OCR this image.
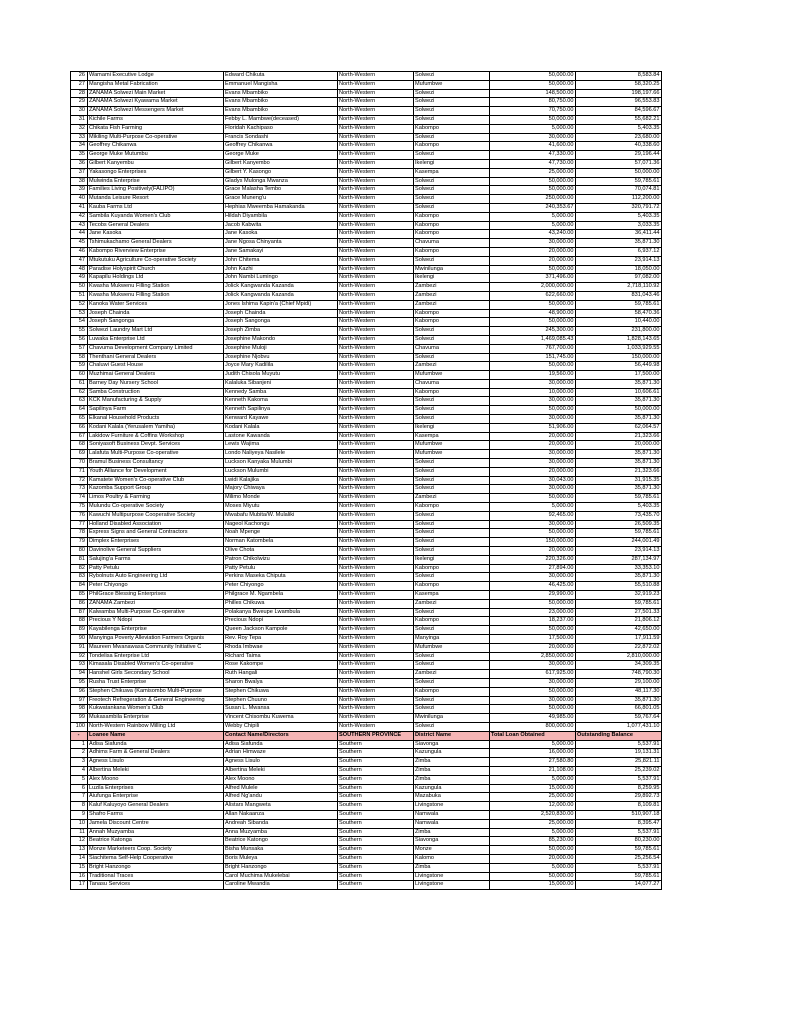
26	Wamami Executive Lodge	Edward Chikuta	North-Western	Solwezi	50,000.00	8,583.84
27	Mangisha Metal Fabrication	Emmanuel Mangisha	North-Western	Mufumbwe	50,000.00	58,320.25
28	ZANAMA Solwezi Main Market	Evans Mbambiko	North-Western	Solwezi	148,500.00	198,197.66
29	ZANAMA Solwezi Kyawama Market	Evans Mbambiko	North-Western	Solwezi	80,750.00	96,553.83
30	ZANAMA Solwezi Messengers Market	Evans Mbambiko	North-Western	Solwezi	70,750.00	84,596.67
31	Kichile Farms	Febby L. Mambwe(deceased)	North-Western	Solwezi	50,000.00	55,682.21
32	Chikata Fish Farming	Floridah Kachipaso	North-Western	Kabompo	5,000.00	5,403.35
33	Mikiling Multi-Purpose Co-operative	Francis Sondashi	North-Western	Solwezi	30,000.00	23,680.00
34	Geoffrey Chikanwa	Geoffrey Chikanwa	North-Western	Kabompo	41,600.00	40,338.60
35	George Muke Mutumbu	George Muke	North-Western	Solwezi	47,330.00	29,196.44
36	Gilbert Kanyembu	Gilbert Kanyembo	North-Western	Ikelengi	47,730.00	57,071.36
37	Yakasongo Enterprises	Gilbert Y. Kasongo	North-Western	Kasempa	25,000.00	50,000.00
38	Mulwinda Enterprise	Gladys Mulonga Mwanza	North-Western	Solwezi	50,000.00	59,785.61
39	Families Living Positively(FALIPO)	Grace Malasha Tembo	North-Western	Solwezi	50,000.00	70,074.81
40	Mutanda Leisure Resort	Grace Muneng'u	North-Western	Solwezi	250,000.00	112,200.00
41	Kauba Farms Ltd	Hephias Mweemba Hamakanda	North-Western	Solwezi	240,353.67	320,791.72
42	Sambila Kuyanda Women's Club	Hildah Diyambila	North-Western	Kabompo	5,000.00	5,403.35
43	Tecobs General Dealers	Jacob Kabwita	North-Western	Kabompo	5,000.00	3,033.35
44	Jane Kasoka	Jane Kasoka	North-Western	Kabompo	43,240.00	36,411.44
45	Tshimukachamo General Dealers	Jane Ngosa Chinyanta	North-Western	Chavuma	30,000.00	35,871.30
46	Kabompo Riverview Enterprise	Jane Samakayi	North-Western	Kabompo	20,000.00	6,937.12
47	Mtukutuku Agriculture Co-operative Society	John Chitema	North-Western	Solwezi	20,000.00	23,914.13
48	Paradise Holyspirit Church	John Kazhi	North-Western	Mwinilunga	50,000.00	18,050.00
49	Kapapilu Holdings Ltd	John Nambi Lumingo	North-Western	Ikelengi	371,496.00	97,082.00
50	Kwasha Mukwenu Filling Station	Jolick Kangwanda Kazanda	North-Western	Zambezi	2,000,000.00	2,718,110.92
51	Kwasha Mukwenu Filling Station	Jolick Kangwanda Kazanda	North-Western	Zambezi	622,660.00	831,043.46
52	Kanoka Water Services	Jones Ishima Kapin'a (Chief Mpidi)	North-Western	Zambezi	50,000.00	59,785.61
53	Joseph Chainda	Joseph Chainda	North-Western	Kabompo	48,900.00	58,470.36
54	Joseph Sangonga	Joseph Sangonga	North-Western	Kabompo	50,000.00	10,440.00
55	Solwezi Laundry Mart Ltd	Joseph Zimba	North-Western	Solwezi	245,300.00	231,800.00
56	Luwaka Enterprise Ltd	Josephine Makondo	North-Western	Solwezi	1,469,085.43	1,828,143.65
57	Chavuma Development Company Limited	Josephine Muloji	North-Western	Chavuma	767,700.00	1,033,929.55
58	Thenthani General Dealers	Josephine Njobvu	North-Western	Solwezi	151,745.00	150,000.00
59	Chaluwi Guest House	Joyce Mary Kadilila	North-Western	Zambezi	50,000.00	56,449.98
60	Muzhimai General Dealers	Judith Chisola Muyutu	North-Western	Mufumbwe	19,560.00	17,500.00
61	Barney Day Nursery School	Kalaluka Sibanjeni	North-Western	Chavuma	30,000.00	35,871.30
62	Samba Construction	Kennedy Samba	North-Western	Kabompo	10,000.00	10,606.61
63	KCK Manufacturing & Supply	Kenneth Kakoma	North-Western	Solwezi	30,000.00	35,871.30
64	Sapilinya Farm	Kenneth Sapilinya	North-Western	Solwezi	50,000.00	50,000.00
65	Elkanal Household Products	Kenward Kayawe	North-Western	Solwezi	30,000.00	35,871.30
66	Kodani Kalala (Yerusalem Yamiha)	Kodani Kalala	North-Western	Ikelengi	51,906.00	62,064.57
67	Lakidow Furniture & Coffins Workshop	Lastone Kawanda	North-Western	Kasempa	20,000.00	21,323.66
68	Soniyasoft Business Devpt. Services	Lewis Wajima	North-Western	Mufumbwe	20,000.00	20,000.00
69	Lalafuta Multi-Purpose Co-operative	Londo Naliyeya Nasilele	North-Western	Mufumbwe	30,000.00	35,871.30
70	Bramul Business Consultancy	Luckson Kanyaka Mulumbi	North-Western	Solwezi	30,000.00	35,871.30
71	Youth Alliance for Development	Luckson Mulumbi	North-Western	Solwezi	20,000.00	21,323.66
72	Kamatete Women's Co-operative Club	Lwidi Kalajika	North-Western	Solwezi	30,043.00	31,915.35
73	Kazomba Support Group	Majory Chiwaya	North-Western	Solwezi	30,000.00	35,871.30
74	Limos Poultry & Farming	Milimo Monde	North-Western	Zambezi	50,000.00	59,785.61
75	Mulundu Co-operative Society	Moses Miyutu	North-Western	Kabompo	5,000.00	5,403.35
76	Kawuchi Multipurpose Cooperative Society	Mwabafu Mubita/W. Mulaliki	North-Western	Solwezi	92,465.00	73,435.70
77	Holland Disabled Association	Nageol Kachongu	North-Western	Solwezi	30,000.00	26,509.35
78	Express Signs and General Contractors	Noah Mpenge	North-Western	Solwezi	50,000.00	59,785.61
79	Dimplex Enterprises	Norman Katombela	North-Western	Solwezi	150,000.00	244,001.49
80	Davinolive General Suppliers	Olive Chota	North-Western	Solwezi	20,000.00	23,914.13
81	Salujing'a Farms	Patron Chikolwizu	North-Western	Ikelengi	220,326.00	287,134.97
82	Patty Petulu	Patty Petulu	North-Western	Kabompo	27,894.00	33,353.10
83	Rybolnuts Auto Engineering Ltd	Perkins Maseka Chiputa	North-Western	Solwezi	30,000.00	35,871.30
84	Peter Chiyongo	Peter Chiyongo	North-Western	Kabompo	46,425.00	55,510.88
85	PhilGrace Blessing Enterprises	Philgrace M. Ngambela	North-Western	Kasempa	29,990.00	32,919.23
86	ZANAMA Zambezi	Philles Chikuwa	North-Western	Zambezi	50,000.00	59,785.61
87	Kalwamba Multi-Purpose Co-operative	Polakanya Bweupe Lwambula	North-Western	Solwezi	23,000.00	27,501.33
88	Precious Y Ndopi	Precious Ndopi	North-Western	Kabompo	18,237.00	21,806.12
89	Kayabilenga Enterprise	Queen Jackson Kampole	North-Western	Solwezi	50,000.00	42,650.00
90	Manyinga Poverty Alleviation Farmers Organis	Rev. Roy Tepa	North-Western	Manyinga	17,500.00	17,911.59
91	Maureen Mwanawasa Community Initiative C	Rhoda Imbwae	North-Western	Mufumbwe	20,000.00	22,872.02
92	Tondelisa Enterprise Ltd	Richard Taima	North-Western	Solwezi	2,850,000.00	2,810,000.00
93	Kimasala Disabled Women's Co-operative	Rose Kakompe	North-Western	Solwezi	30,000.00	34,309.35
94	Hanshel Girls Secondary School	Ruth Hangali	North-Western	Zambezi	617,925.00	748,790.30
95	Rusha Trust Enterprise	Sharon Bwalya	North-Western	Solwezi	30,000.00	29,100.00
96	Stephen Chikuwa (Kamisombo Multi-Purpose	Stephen Chikuwa	North-Western	Kabompo	50,000.00	48,117.30
97	Freotech Refregeration & General Engineering	Stephen Chuuno	North-Western	Solwezi	30,000.00	35,871.30
98	Kukwatankana Women's Club	Susan L. Mwansa	North-Western	Solwezi	50,000.00	66,801.05
99	Mukasambila Enterprise	Vincent Chisombu Kuwema	North-Western	Mwinilunga	49,985.00	59,767.64
100	North-Western Rainbow Milling Ltd	Webby Chipili	North-Western	Solwezi	800,000.00	1,077,431.10
-	Loanee Name	Contact Name/Directors	SOUTHERN PROVINCE	District Name	Total Loan Obtained	Outstanding Balance
1	Adisa Siafunda	Adisa Siafunda	Southern	Siavonga	5,000.00	5,537.91
2	Adhims Farm & General Dealers	Adrian Himwaze	Southern	Kazungula	16,000.00	19,131.31
3	Agness Lisulo	Agness Lisulo	Southern	Zimba	27,580.80	25,821.11
4	Albertina Meleki	Albertina Meleki	Southern	Zimba	21,108.00	25,239.02
5	Alex Moono	Alex Moono	Southern	Zimba	5,000.00	5,537.91
6	Luzila Enterprises	Alfred Mulele	Southern	Kazungula	15,000.00	8,259.95
7	Aiufunga Enterprise	Alfred Ng'andu	Southern	Mazabuka	25,000.00	29,892.73
8	Kaluf Kaluyoyo General Dealers	Alistars Mangweta	Southern	Livingstone	12,000.00	8,109.81
9	Shafro Farms	Allan Nakaanza	Southern	Namwala	2,520,830.00	510,907.18
10	Jamela Discount Centre	Andreah Sibanda	Southern	Namwala	25,000.00	8,395.47
11	Annah Muzyamba	Anna Muzyamba	Southern	Zimba	5,000.00	5,537.91
12	Beatrice Katonga	Beatrice Katongo	Southern	Siavonga	85,230.00	80,230.00
13	Monze Marketeers Coop. Society	Bisha Munsaka	Southern	Monze	50,000.00	59,785.61
14	Siachitema Self-Help Cooperative	Boris Muleya	Southern	Kalomo	20,000.00	25,256.54
15	Bright Hanzongo	Bright Hanzongo	Southern	Zimba	5,000.00	5,537.91
16	Traditional Traces	Carol Muchima Mukelebai	Southern	Livingstone	50,000.00	59,785.61
17	Tanasu Services	Caroline Mwandia	Southern	Livingstone	15,000.00	14,077.27
